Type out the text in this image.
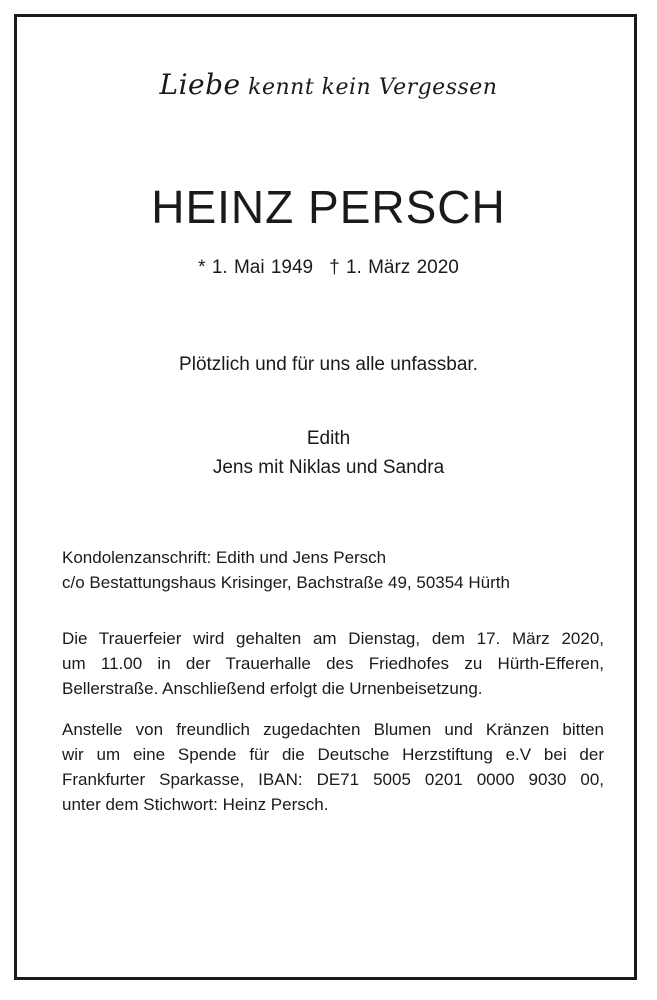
Liebe kennt kein Vergessen
HEINZ PERSCH
* 1. Mai 1949 † 1. März 2020
Plötzlich und für uns alle unfassbar.
Edith
Jens mit Niklas und Sandra
Kondolenzanschrift: Edith und Jens Persch
c/o Bestattungshaus Krisinger, Bachstraße 49, 50354 Hürth
Die Trauerfeier wird gehalten am Dienstag, dem 17. März 2020,
um 11.00 in der Trauerhalle des Friedhofes zu Hürth-Efferen,
Bellerstraße. Anschließend erfolgt die Urnenbeisetzung.
Anstelle von freundlich zugedachten Blumen und Kränzen bitten
wir um eine Spende für die Deutsche Herzstiftung e.V bei der
Frankfurter Sparkasse, IBAN: DE71 5005 0201 0000 9030 00,
unter dem Stichwort: Heinz Persch.
